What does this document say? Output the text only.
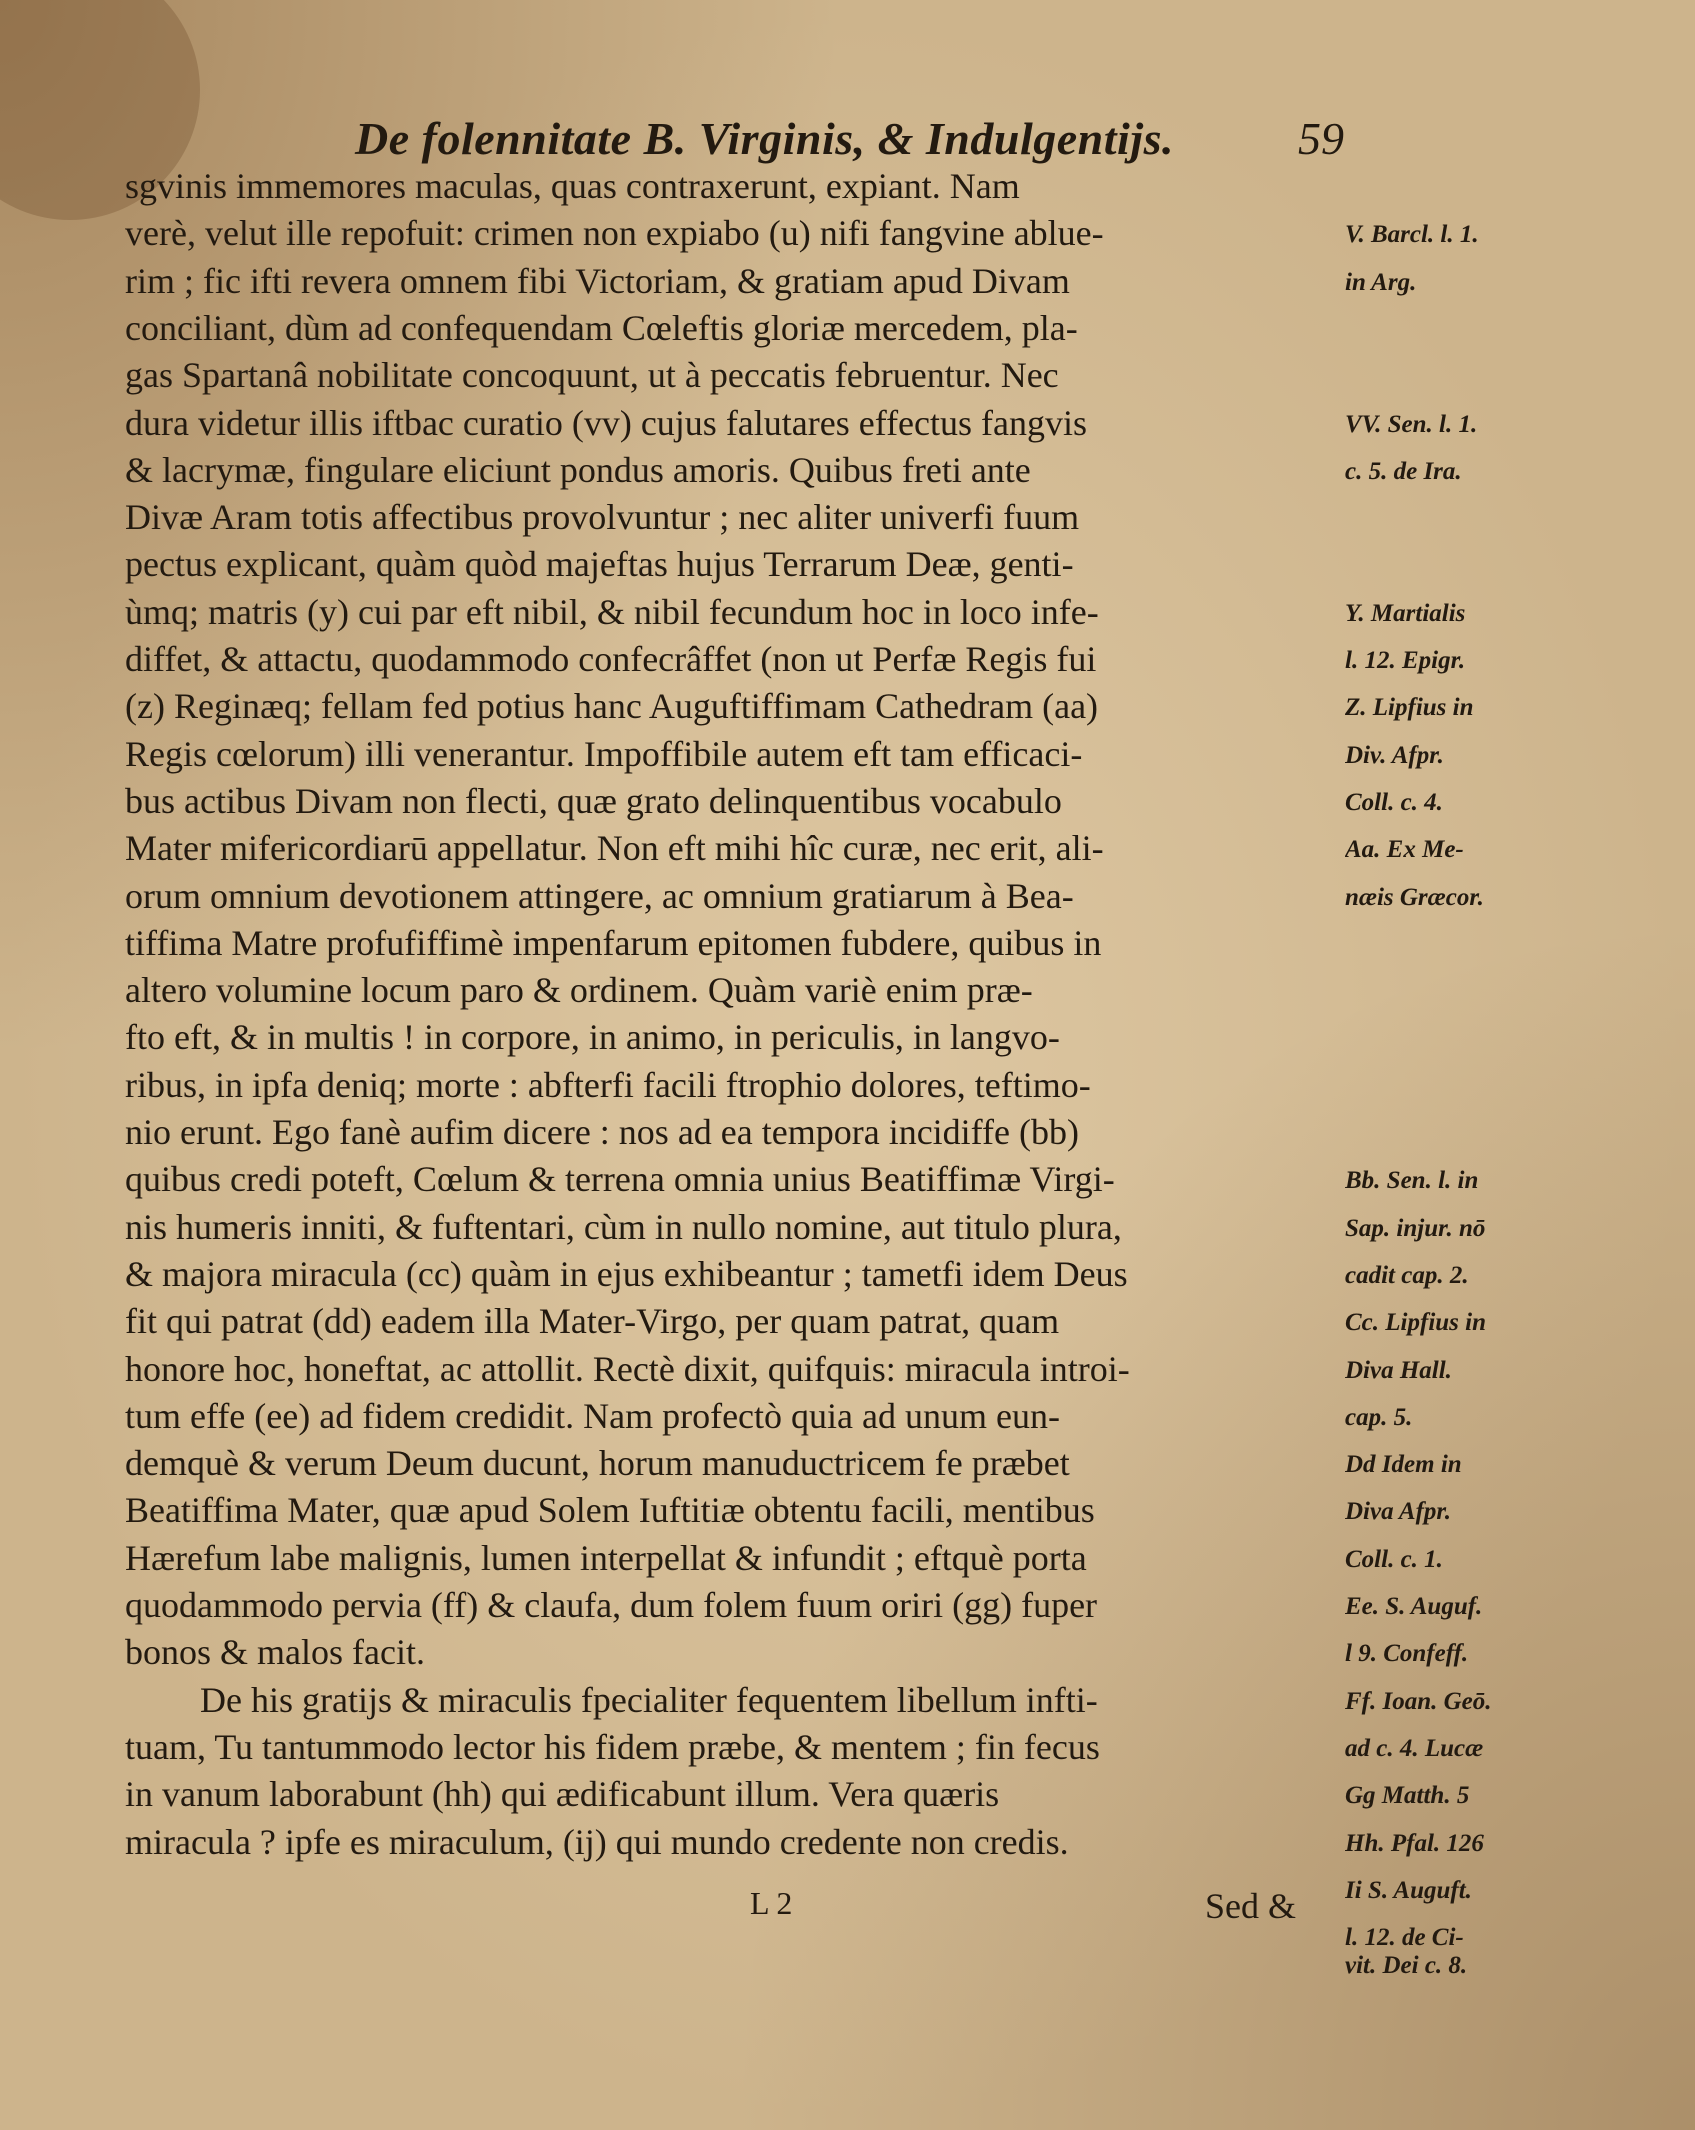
De folennitate B. Virginis, & Indulgentijs.	59
sgvinis immemores maculas, quas contraxerunt, expiant. Nam
verè, velut ille repofuit: crimen non expiabo (u) nifi fangvine ablue-
rim ; fic ifti revera omnem fibi Victoriam, & gratiam apud Divam
conciliant, dùm ad confequendam Cœleftis gloriæ mercedem, pla-
gas Spartanâ nobilitate concoquunt, ut à peccatis februentur. Nec
dura videtur illis iftbac curatio (vv) cujus falutares effectus fangvis
& lacrymæ, fingulare eliciunt pondus amoris. Quibus freti ante
Divæ Aram totis affectibus provolvuntur ; nec aliter univerfi fuum
pectus explicant, quàm quòd majeftas hujus Terrarum Deæ, genti-
ùmq; matris (y) cui par eft nibil, & nibil fecundum hoc in loco infe-
diffet, & attactu, quodammodo confecrâffet (non ut Perfæ Regis fui
(z) Reginæq; fellam fed potius hanc Auguftiffimam Cathedram (aa)
Regis cœlorum) illi venerantur. Impoffibile autem eft tam efficaci-
bus actibus Divam non flecti, quæ grato delinquentibus vocabulo
Mater mifericordiarū appellatur. Non eft mihi hîc curæ, nec erit, ali-
orum omnium devotionem attingere, ac omnium gratiarum à Bea-
tiffima Matre profufiffimè impenfarum epitomen fubdere, quibus in
altero volumine locum paro & ordinem. Quàm variè enim præ-
fto eft, & in multis ! in corpore, in animo, in periculis, in langvo-
ribus, in ipfa deniq; morte : abfterfi facili ftrophio dolores, teftimo-
nio erunt. Ego fanè aufim dicere : nos ad ea tempora incidiffe (bb)
quibus credi poteft, Cœlum & terrena omnia unius Beatiffimæ Virgi-
nis humeris inniti, & fuftentari, cùm in nullo nomine, aut titulo plura,
& majora miracula (cc) quàm in ejus exhibeantur ; tametfi idem Deus
fit qui patrat (dd) eadem illa Mater-Virgo, per quam patrat, quam
honore hoc, honeftat, ac attollit. Rectè dixit, quifquis: miracula introi-
tum effe (ee) ad fidem credidit. Nam profectò quia ad unum eun-
demquè & verum Deum ducunt, horum manuductricem fe præbet
Beatiffima Mater, quæ apud Solem Iuftitiæ obtentu facili, mentibus
Hærefum labe malignis, lumen interpellat & infundit ; eftquè porta
quodammodo pervia (ff) & claufa, dum folem fuum oriri (gg) fuper
bonos & malos facit.
De his gratijs & miraculis fpecialiter fequentem libellum infti-
tuam, Tu tantummodo lector his fidem præbe, & mentem ; fin fecus
in vanum laborabunt (hh) qui ædificabunt illum. Vera quæris
miracula ? ipfe es miraculum, (ij) qui mundo credente non credis.
V. Barcl. l. 1.
in Arg.
VV. Sen. l. 1.
c. 5. de Ira.
Y. Martialis
l. 12. Epigr.
Z. Lipfius in
Div. Afpr.
Coll. c. 4.
Aa. Ex Me-
næis Græcor.
Bb. Sen. l. in
Sap. injur. nō
cadit cap. 2.
Cc. Lipfius in
Diva Hall.
cap. 5.
Dd Idem in
Diva Afpr.
Coll. c. 1.
Ee. S. Auguf.
l 9. Confeff.
Ff. Ioan. Geō.
ad c. 4. Lucæ
Gg Matth. 5
Hh. Pfal. 126
Ii S. Auguft.
l. 12. de Ci-
vit. Dei c. 8.
L 2	Sed &
